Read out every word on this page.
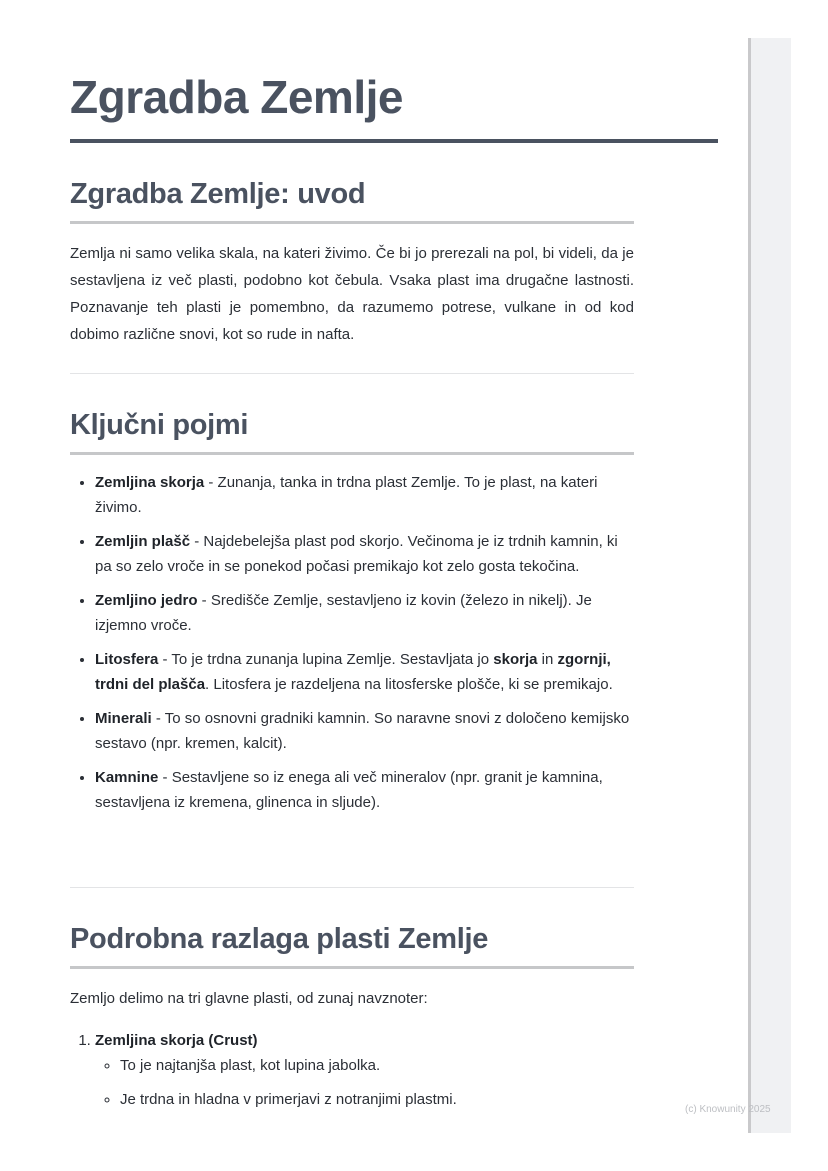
(c) Knowunity 2025
Zgradba Zemlje
Zgradba Zemlje: uvod

Zemlja ni samo velika skala, na kateri živimo. Če bi jo prerezali na pol, bi videli, da je sestavljena iz več plasti, podobno kot čebula. Vsaka plast ima drugačne lastnosti. Poznavanje teh plasti je pomembno, da razumemo potrese, vulkane in od kod dobimo različne snovi, kot so rude in nafta.

Ključni pojmi
• Zemljina skorja - Zunanja, tanka in trdna plast Zemlje. To je plast, na kateri živimo.
• Zemljin plašč - Najdebelejša plast pod skorjo. Večinoma je iz trdnih kamnin, ki pa so zelo vroče in se ponekod počasi premikajo kot zelo gosta tekočina.
• Zemljino jedro - Središče Zemlje, sestavljeno iz kovin (železo in nikelj). Je izjemno vroče.
• Litosfera - To je trdna zunanja lupina Zemlje. Sestavljata jo skorja in zgornji, trdni del plašča. Litosfera je razdeljena na litosferske plošče, ki se premikajo.
• Minerali - To so osnovni gradniki kamnin. So naravne snovi z določeno kemijsko sestavo (npr. kremen, kalcit).
• Kamnine - Sestavljene so iz enega ali več mineralov (npr. granit je kamnina, sestavljena iz kremena, glinenca in sljude).
Podrobna razlaga plasti Zemlje

Zemljo delimo na tri glavne plasti, od zunaj navznoter:

1. Zemljina skorja (Crust)
◦ To je najtanjša plast, kot lupina jabolka.
◦ Je trdna in hladna v primerjavi z notranjimi plastmi.
